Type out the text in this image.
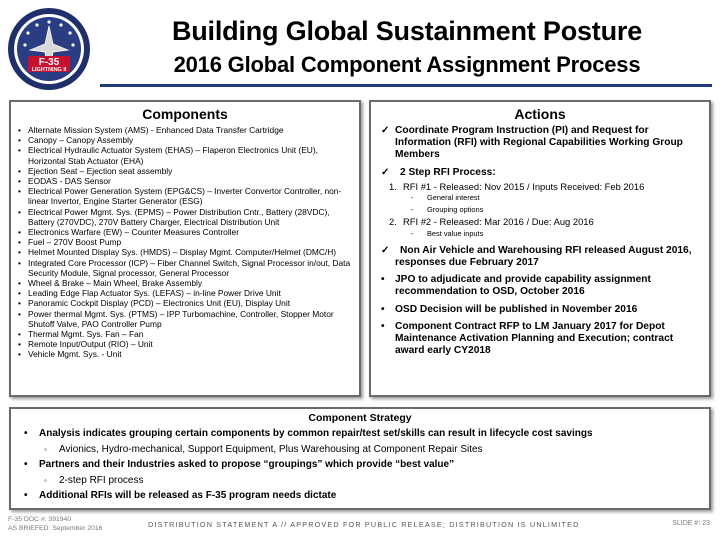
F-35
LIGHTNING II
Building Global Sustainment Posture
2016 Global Component Assignment Process
Components
• Alternate Mission System (AMS) - Enhanced Data Transfer Cartridge
• Canopy – Canopy Assembly
• Electrical Hydraulic Actuator System (EHAS) – Flaperon Electronics Unit (EU), Horizontal Stab Actuator (EHA)
• Ejection Seat – Ejection seat assembly
• EODAS - DAS Sensor
• Electrical Power Generation System (EPG&CS) – Inverter Convertor Controller, non-linear Invertor, Engine Starter Generator (ESG)
• Electrical Power Mgmt. Sys. (EPMS) – Power Distribution Cntr., Battery (28VDC), Battery (270VDC), 270V Battery Charger, Electrical Distribution Unit
• Electronics Warfare (EW) – Counter Measures Controller
• Fuel – 270V Boost Pump
• Helmet Mounted Display Sys. (HMDS) – Display Mgmt. Computer/Helmet (DMC/H)
• Integrated Core Processor (ICP) – Fiber Channel Switch, Signal Processor in/out, Data Security Module, Signal processor, General Processor
• Wheel & Brake – Main Wheel, Brake Assembly
• Leading Edge Flap Actuator Sys. (LEFAS) – in-line Power Drive Unit
• Panoramic Cockpit Display (PCD) – Electronics Unit (EU), Display Unit
• Power thermal Mgmt. Sys. (PTMS) – IPP Turbomachine, Controller, Stopper Motor Shutoff Valve, PAO Controller Pump
• Thermal Mgmt. Sys. Fan – Fan
• Remote Input/Output (RIO) – Unit
• Vehicle Mgmt. Sys. - Unit
Actions
✓ Coordinate Program Instruction (PI) and Request for Information (RFI) with Regional Capabilities Working Group Members
✓ 2 Step RFI Process:
1. RFI #1 - Released: Nov 2015 / Inputs Received: Feb 2016
- General interest
- Grouping options
2. RFI #2 - Released: Mar 2016 / Due: Aug 2016
- Best value inputs
✓ Non Air Vehicle and Warehousing RFI released August 2016, responses due February 2017
• JPO to adjudicate and provide capability assignment recommendation to OSD, October 2016
• OSD Decision will be published in November 2016
• Component Contract RFP to LM January 2017 for Depot Maintenance Activation Planning and Execution; contract award early CY2018
Component Strategy
• Analysis indicates grouping certain components by common repair/test set/skills can result in lifecycle cost savings
◦ Avionics, Hydro-mechanical, Support Equipment, Plus Warehousing at Component Repair Sites
• Partners and their Industries asked to propose “groupings” which provide “best value”
◦ 2-step RFI process
• Additional RFIs will be released as F-35 program needs dictate
F-35 DOC #: 391940
AS BRIEFED: September 2016	DISTRIBUTION STATEMENT A // APPROVED FOR PUBLIC RELEASE; DISTRIBUTION IS UNLIMITED	SLIDE #: 23
